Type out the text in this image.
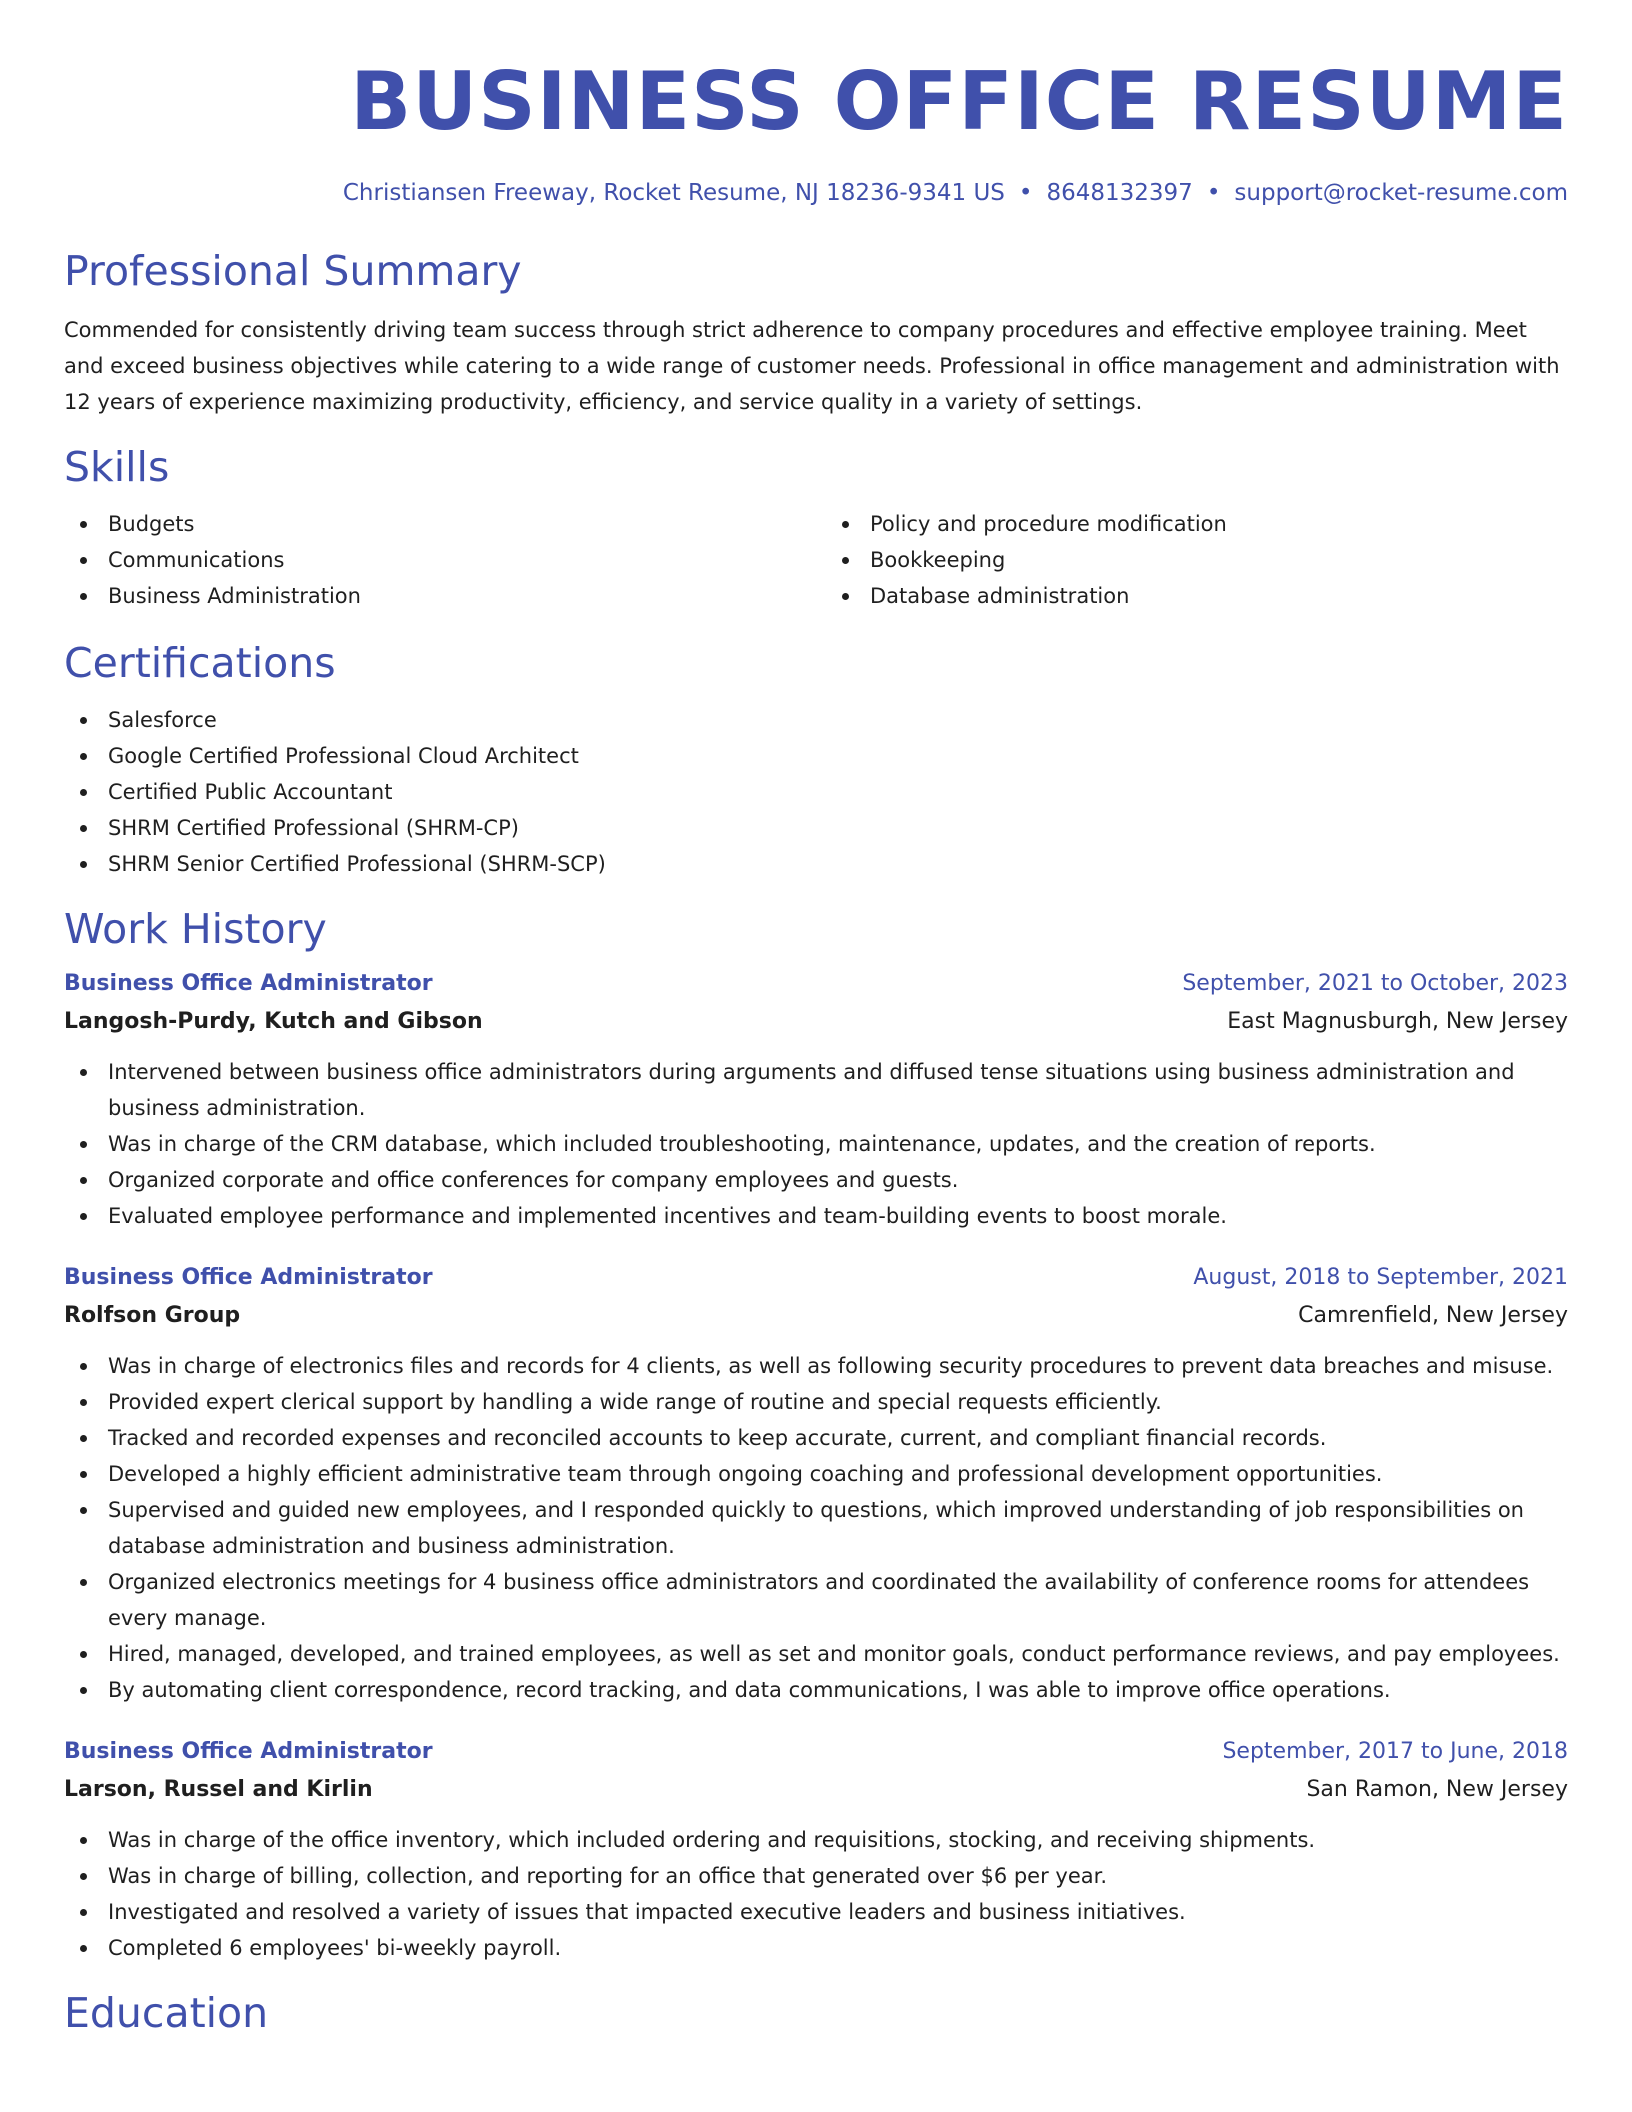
BUSINESS OFFICE RESUME
Christiansen Freeway, Rocket Resume, NJ 18236-9341 US • 8648132397 • support@rocket-resume.com
Professional Summary

Commended for consistently driving team success through strict adherence to company procedures and effective employee training. Meet and exceed business objectives while catering to a wide range of customer needs. Professional in office management and administration with 12 years of experience maximizing productivity, efficiency, and service quality in a variety of settings.

Skills
Budgets
Communications
Business Administration
Policy and procedure modification
Bookkeeping
Database administration
Certifications
Salesforce
Google Certified Professional Cloud Architect
Certified Public Accountant
SHRM Certified Professional (SHRM-CP)
SHRM Senior Certified Professional (SHRM-SCP)
Work History
Business Office Administrator	September, 2021 to October, 2023
Langosh-Purdy, Kutch and Gibson	East Magnusburgh, New Jersey
Intervened between business office administrators during arguments and diffused tense situations using business administration and business administration.
Was in charge of the CRM database, which included troubleshooting, maintenance, updates, and the creation of reports.
Organized corporate and office conferences for company employees and guests.
Evaluated employee performance and implemented incentives and team-building events to boost morale.
Business Office Administrator	August, 2018 to September, 2021
Rolfson Group	Camrenfield, New Jersey
Was in charge of electronics files and records for 4 clients, as well as following security procedures to prevent data breaches and misuse.
Provided expert clerical support by handling a wide range of routine and special requests efficiently.
Tracked and recorded expenses and reconciled accounts to keep accurate, current, and compliant financial records.
Developed a highly efficient administrative team through ongoing coaching and professional development opportunities.
Supervised and guided new employees, and I responded quickly to questions, which improved understanding of job responsibilities on database administration and business administration.
Organized electronics meetings for 4 business office administrators and coordinated the availability of conference rooms for attendees every manage.
Hired, managed, developed, and trained employees, as well as set and monitor goals, conduct performance reviews, and pay employees.
By automating client correspondence, record tracking, and data communications, I was able to improve office operations.
Business Office Administrator	September, 2017 to June, 2018
Larson, Russel and Kirlin	San Ramon, New Jersey
Was in charge of the office inventory, which included ordering and requisitions, stocking, and receiving shipments.
Was in charge of billing, collection, and reporting for an office that generated over $6 per year.
Investigated and resolved a variety of issues that impacted executive leaders and business initiatives.
Completed 6 employees' bi-weekly payroll.
Education
